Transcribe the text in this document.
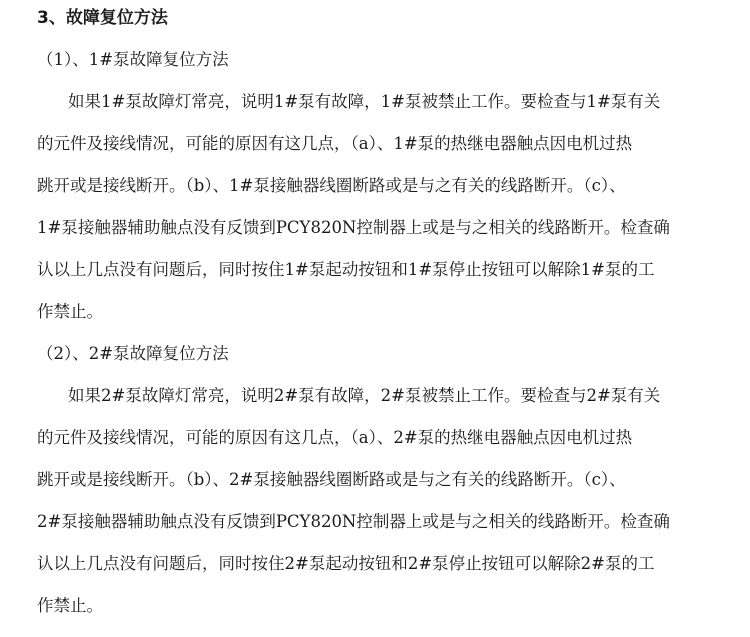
3、故障复位方法
（1）、1#泵故障复位方法
如果1#泵故障灯常亮，说明1#泵有故障，1#泵被禁止工作。要检查与1#泵有关
的元件及接线情况，可能的原因有这几点，（a）、1#泵的热继电器触点因电机过热
跳开或是接线断开。（b）、1#泵接触器线圈断路或是与之有关的线路断开。（c）、
1#泵接触器辅助触点没有反馈到PCY820N控制器上或是与之相关的线路断开。检查确
认以上几点没有问题后，同时按住1#泵起动按钮和1#泵停止按钮可以解除1#泵的工
作禁止。
（2）、2#泵故障复位方法
如果2#泵故障灯常亮，说明2#泵有故障，2#泵被禁止工作。要检查与2#泵有关
的元件及接线情况，可能的原因有这几点，（a）、2#泵的热继电器触点因电机过热
跳开或是接线断开。（b）、2#泵接触器线圈断路或是与之有关的线路断开。（c）、
2#泵接触器辅助触点没有反馈到PCY820N控制器上或是与之相关的线路断开。检查确
认以上几点没有问题后，同时按住2#泵起动按钮和2#泵停止按钮可以解除2#泵的工
作禁止。
